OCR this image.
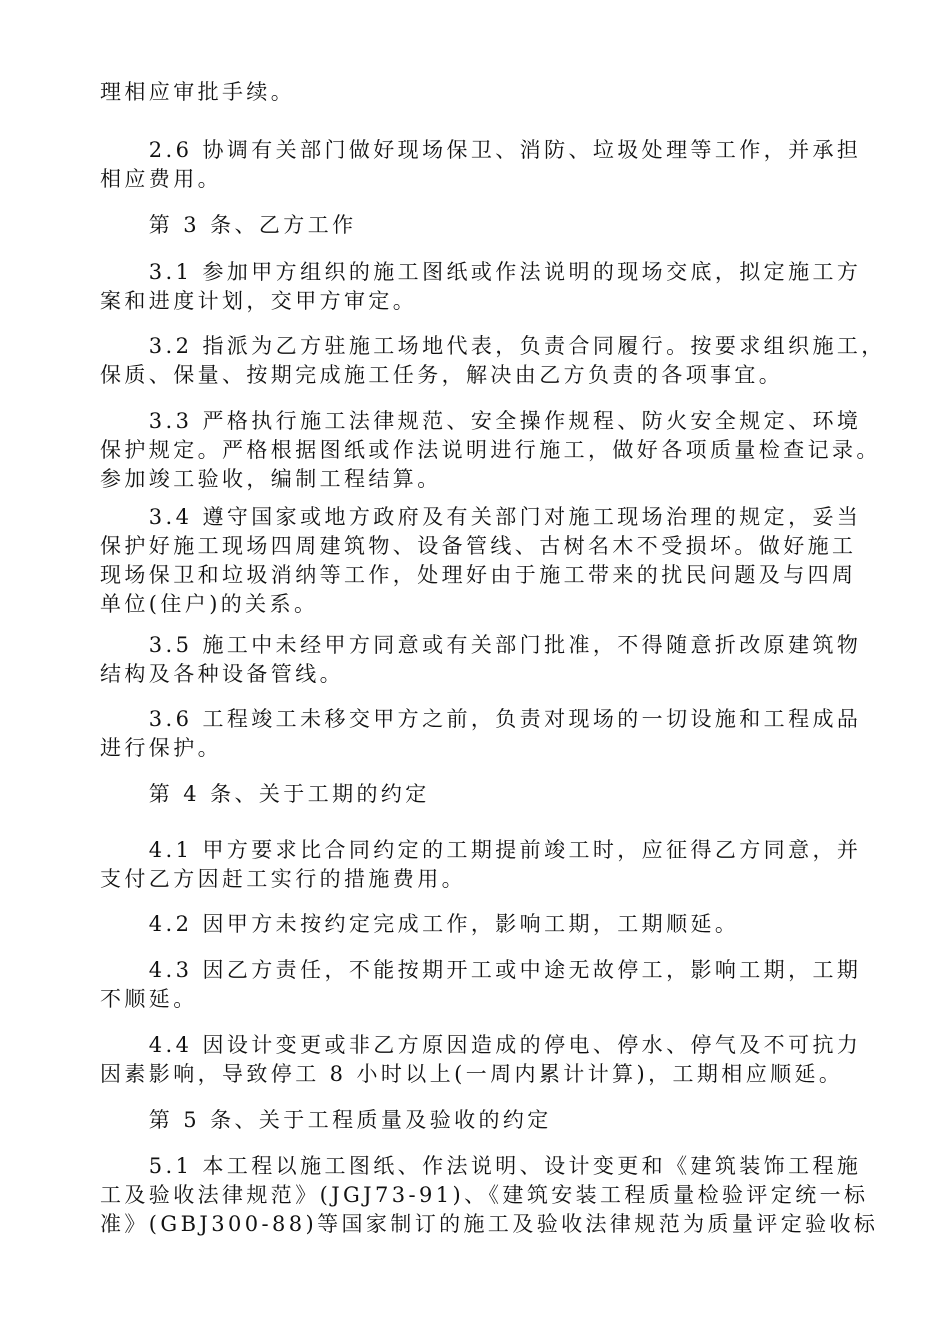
理相应审批手续。
　　2.6 协调有关部门做好现场保卫、消防、垃圾处理等工作，并承担
相应费用。
　　第 3 条、乙方工作
　　3.1 参加甲方组织的施工图纸或作法说明的现场交底，拟定施工方
案和进度计划，交甲方审定。
　　3.2 指派为乙方驻施工场地代表，负责合同履行。按要求组织施工，
保质、保量、按期完成施工任务，解决由乙方负责的各项事宜。
　　3.3 严格执行施工法律规范、安全操作规程、防火安全规定、环境
保护规定。严格根据图纸或作法说明进行施工，做好各项质量检查记录。
参加竣工验收，编制工程结算。
　　3.4 遵守国家或地方政府及有关部门对施工现场治理的规定，妥当
保护好施工现场四周建筑物、设备管线、古树名木不受损坏。做好施工
现场保卫和垃圾消纳等工作，处理好由于施工带来的扰民问题及与四周
单位(住户)的关系。
　　3.5 施工中未经甲方同意或有关部门批准，不得随意折改原建筑物
结构及各种设备管线。
　　3.6 工程竣工未移交甲方之前，负责对现场的一切设施和工程成品
进行保护。
　　第 4 条、关于工期的约定
　　4.1 甲方要求比合同约定的工期提前竣工时，应征得乙方同意，并
支付乙方因赶工实行的措施费用。
　　4.2 因甲方未按约定完成工作，影响工期，工期顺延。
　　4.3 因乙方责任，不能按期开工或中途无故停工，影响工期，工期
不顺延。
　　4.4 因设计变更或非乙方原因造成的停电、停水、停气及不可抗力
因素影响，导致停工 8 小时以上(一周内累计计算)，工期相应顺延。
　　第 5 条、关于工程质量及验收的约定
　　5.1 本工程以施工图纸、作法说明、设计变更和《建筑装饰工程施
工及验收法律规范》(JGJ73-91)、《建筑安装工程质量检验评定统一标
准》(GBJ300-88)等国家制订的施工及验收法律规范为质量评定验收标
